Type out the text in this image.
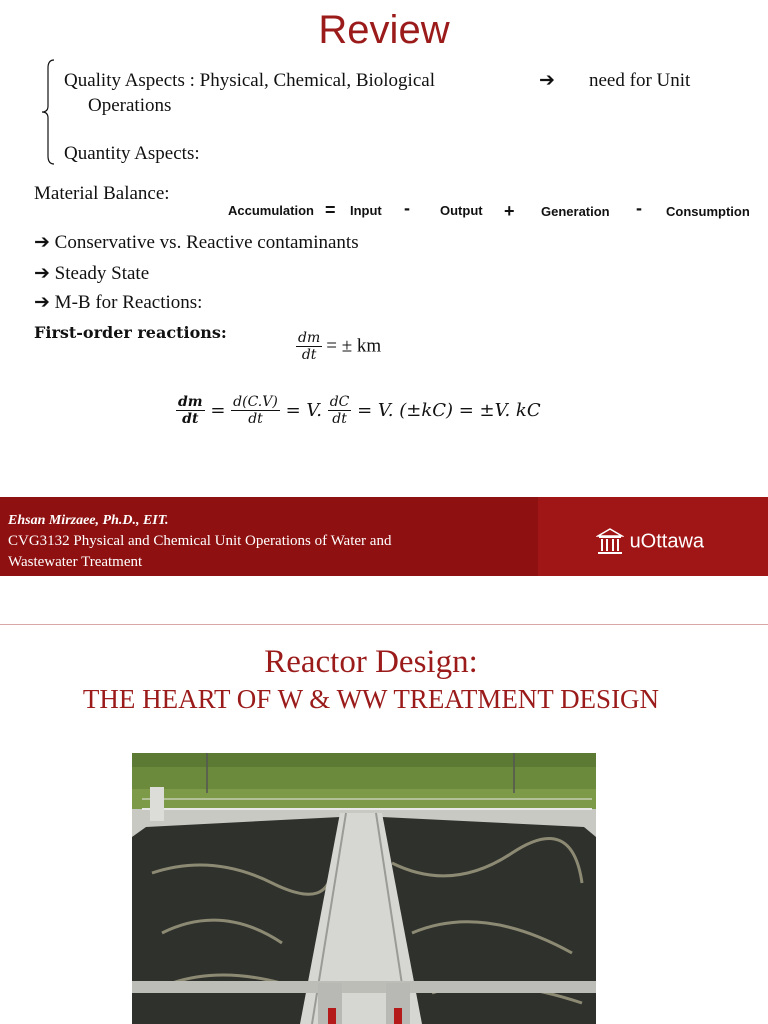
Review
Quality Aspects : Physical, Chemical, Biological	➔ need for Unit
Operations
Quantity Aspects:
Material Balance:
Accumulation = Input - Output + Generation - Consumption
➔ Conservative vs. Reactive contaminants
➔ Steady State
➔ M-B for Reactions:
First-order reactions:	$\frac{dm}{dt}$ = ± km
$\frac{dm}{dt} = \frac{d(C.V)}{dt} = V$. $\frac{dC}{dt} = V$. (±kC) = ±V. kC
Ehsan Mirzaee, Ph.D., EIT.
CVG3132 Physical and Chemical Unit Operations of Water and
Wastewater Treatment
uOttawa
Reactor Design:
THE HEART OF W & WW TREATMENT DESIGN
